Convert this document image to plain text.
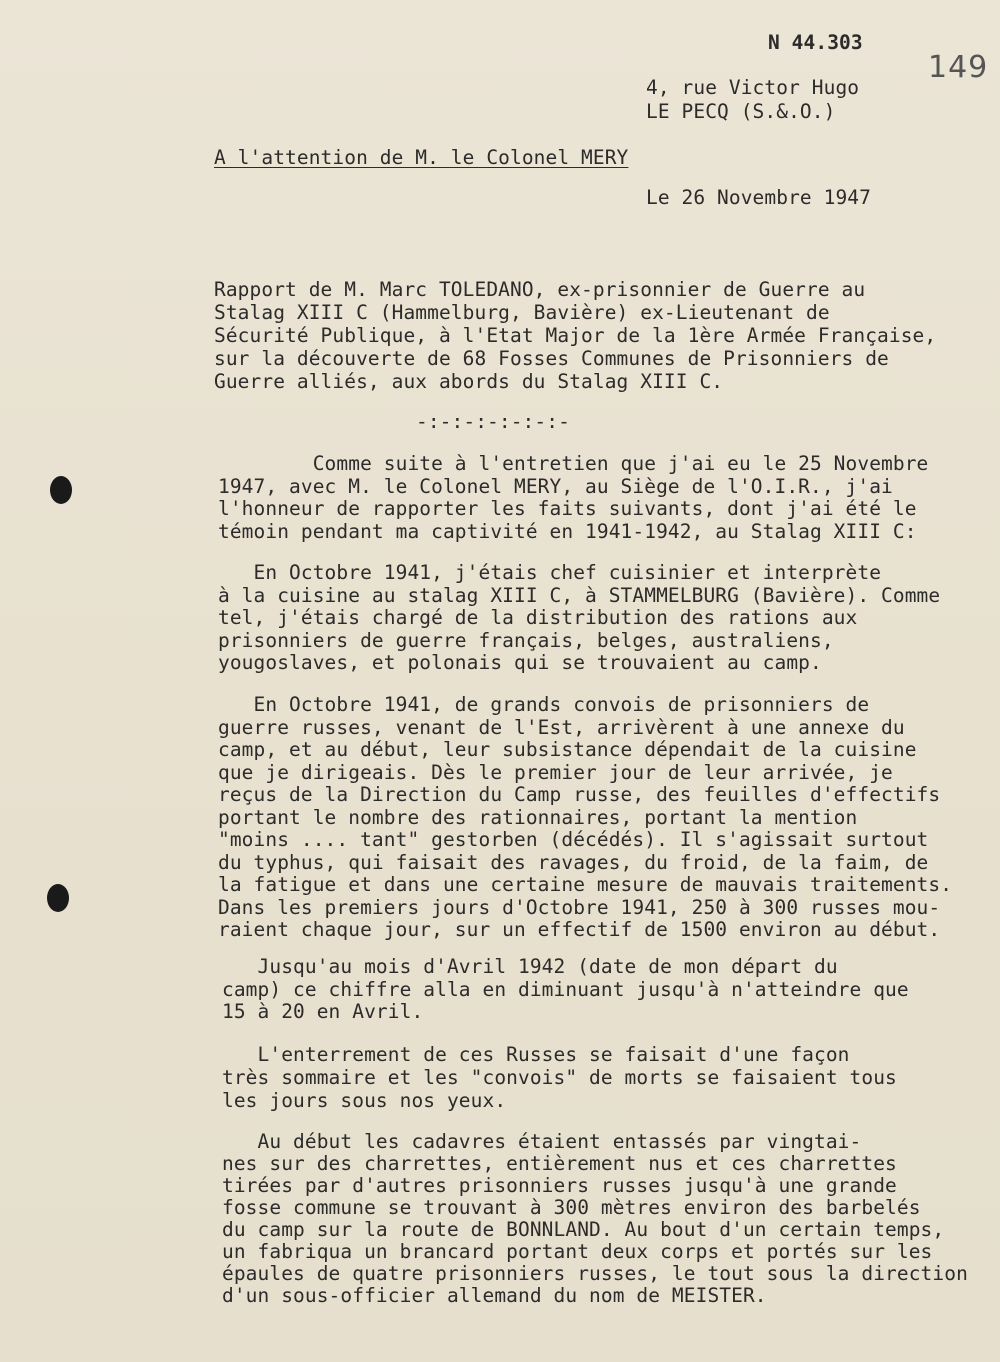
149
N 44.303
4, rue Victor Hugo
LE PECQ (S.&.O.)
A l'attention de M. le Colonel MERY
Le 26 Novembre 1947
Rapport de M. Marc TOLEDANO, ex-prisonnier de Guerre au
Stalag XIII C (Hammelburg, Bavière) ex-Lieutenant de
Sécurité Publique, à l'Etat Major de la 1ère Armée Française,
sur la découverte de 68 Fosses Communes de Prisonniers de
Guerre alliés, aux abords du Stalag XIII C.
-:-:-:-:-:-:-
Comme suite à l'entretien que j'ai eu le 25 Novembre
1947, avec M. le Colonel MERY, au Siège de l'O.I.R., j'ai
l'honneur de rapporter les faits suivants, dont j'ai été le
témoin pendant ma captivité en 1941-1942, au Stalag XIII C:
En Octobre 1941, j'étais chef cuisinier et interprète
à la cuisine au stalag XIII C, à STAMMELBURG (Bavière). Comme
tel, j'étais chargé de la distribution des rations aux
prisonniers de guerre français, belges, australiens,
yougoslaves, et polonais qui se trouvaient au camp.
En Octobre 1941, de grands convois de prisonniers de
guerre russes, venant de l'Est, arrivèrent à une annexe du
camp, et au début, leur subsistance dépendait de la cuisine
que je dirigeais. Dès le premier jour de leur arrivée, je
reçus de la Direction du Camp russe, des feuilles d'effectifs
portant le nombre des rationnaires, portant la mention
"moins .... tant" gestorben (décédés). Il s'agissait surtout
du typhus, qui faisait des ravages, du froid, de la faim, de
la fatigue et dans une certaine mesure de mauvais traitements.
Dans les premiers jours d'Octobre 1941, 250 à 300 russes mou-
raient chaque jour, sur un effectif de 1500 environ au début.
Jusqu'au mois d'Avril 1942 (date de mon départ du
camp) ce chiffre alla en diminuant jusqu'à n'atteindre que
15 à 20 en Avril.
L'enterrement de ces Russes se faisait d'une façon
très sommaire et les "convois" de morts se faisaient tous
les jours sous nos yeux.
Au début les cadavres étaient entassés par vingtai-
nes sur des charrettes, entièrement nus et ces charrettes
tirées par d'autres prisonniers russes jusqu'à une grande
fosse commune se trouvant à 300 mètres environ des barbelés
du camp sur la route de BONNLAND. Au bout d'un certain temps,
un fabriqua un brancard portant deux corps et portés sur les
épaules de quatre prisonniers russes, le tout sous la direction
d'un sous-officier allemand du nom de MEISTER.
